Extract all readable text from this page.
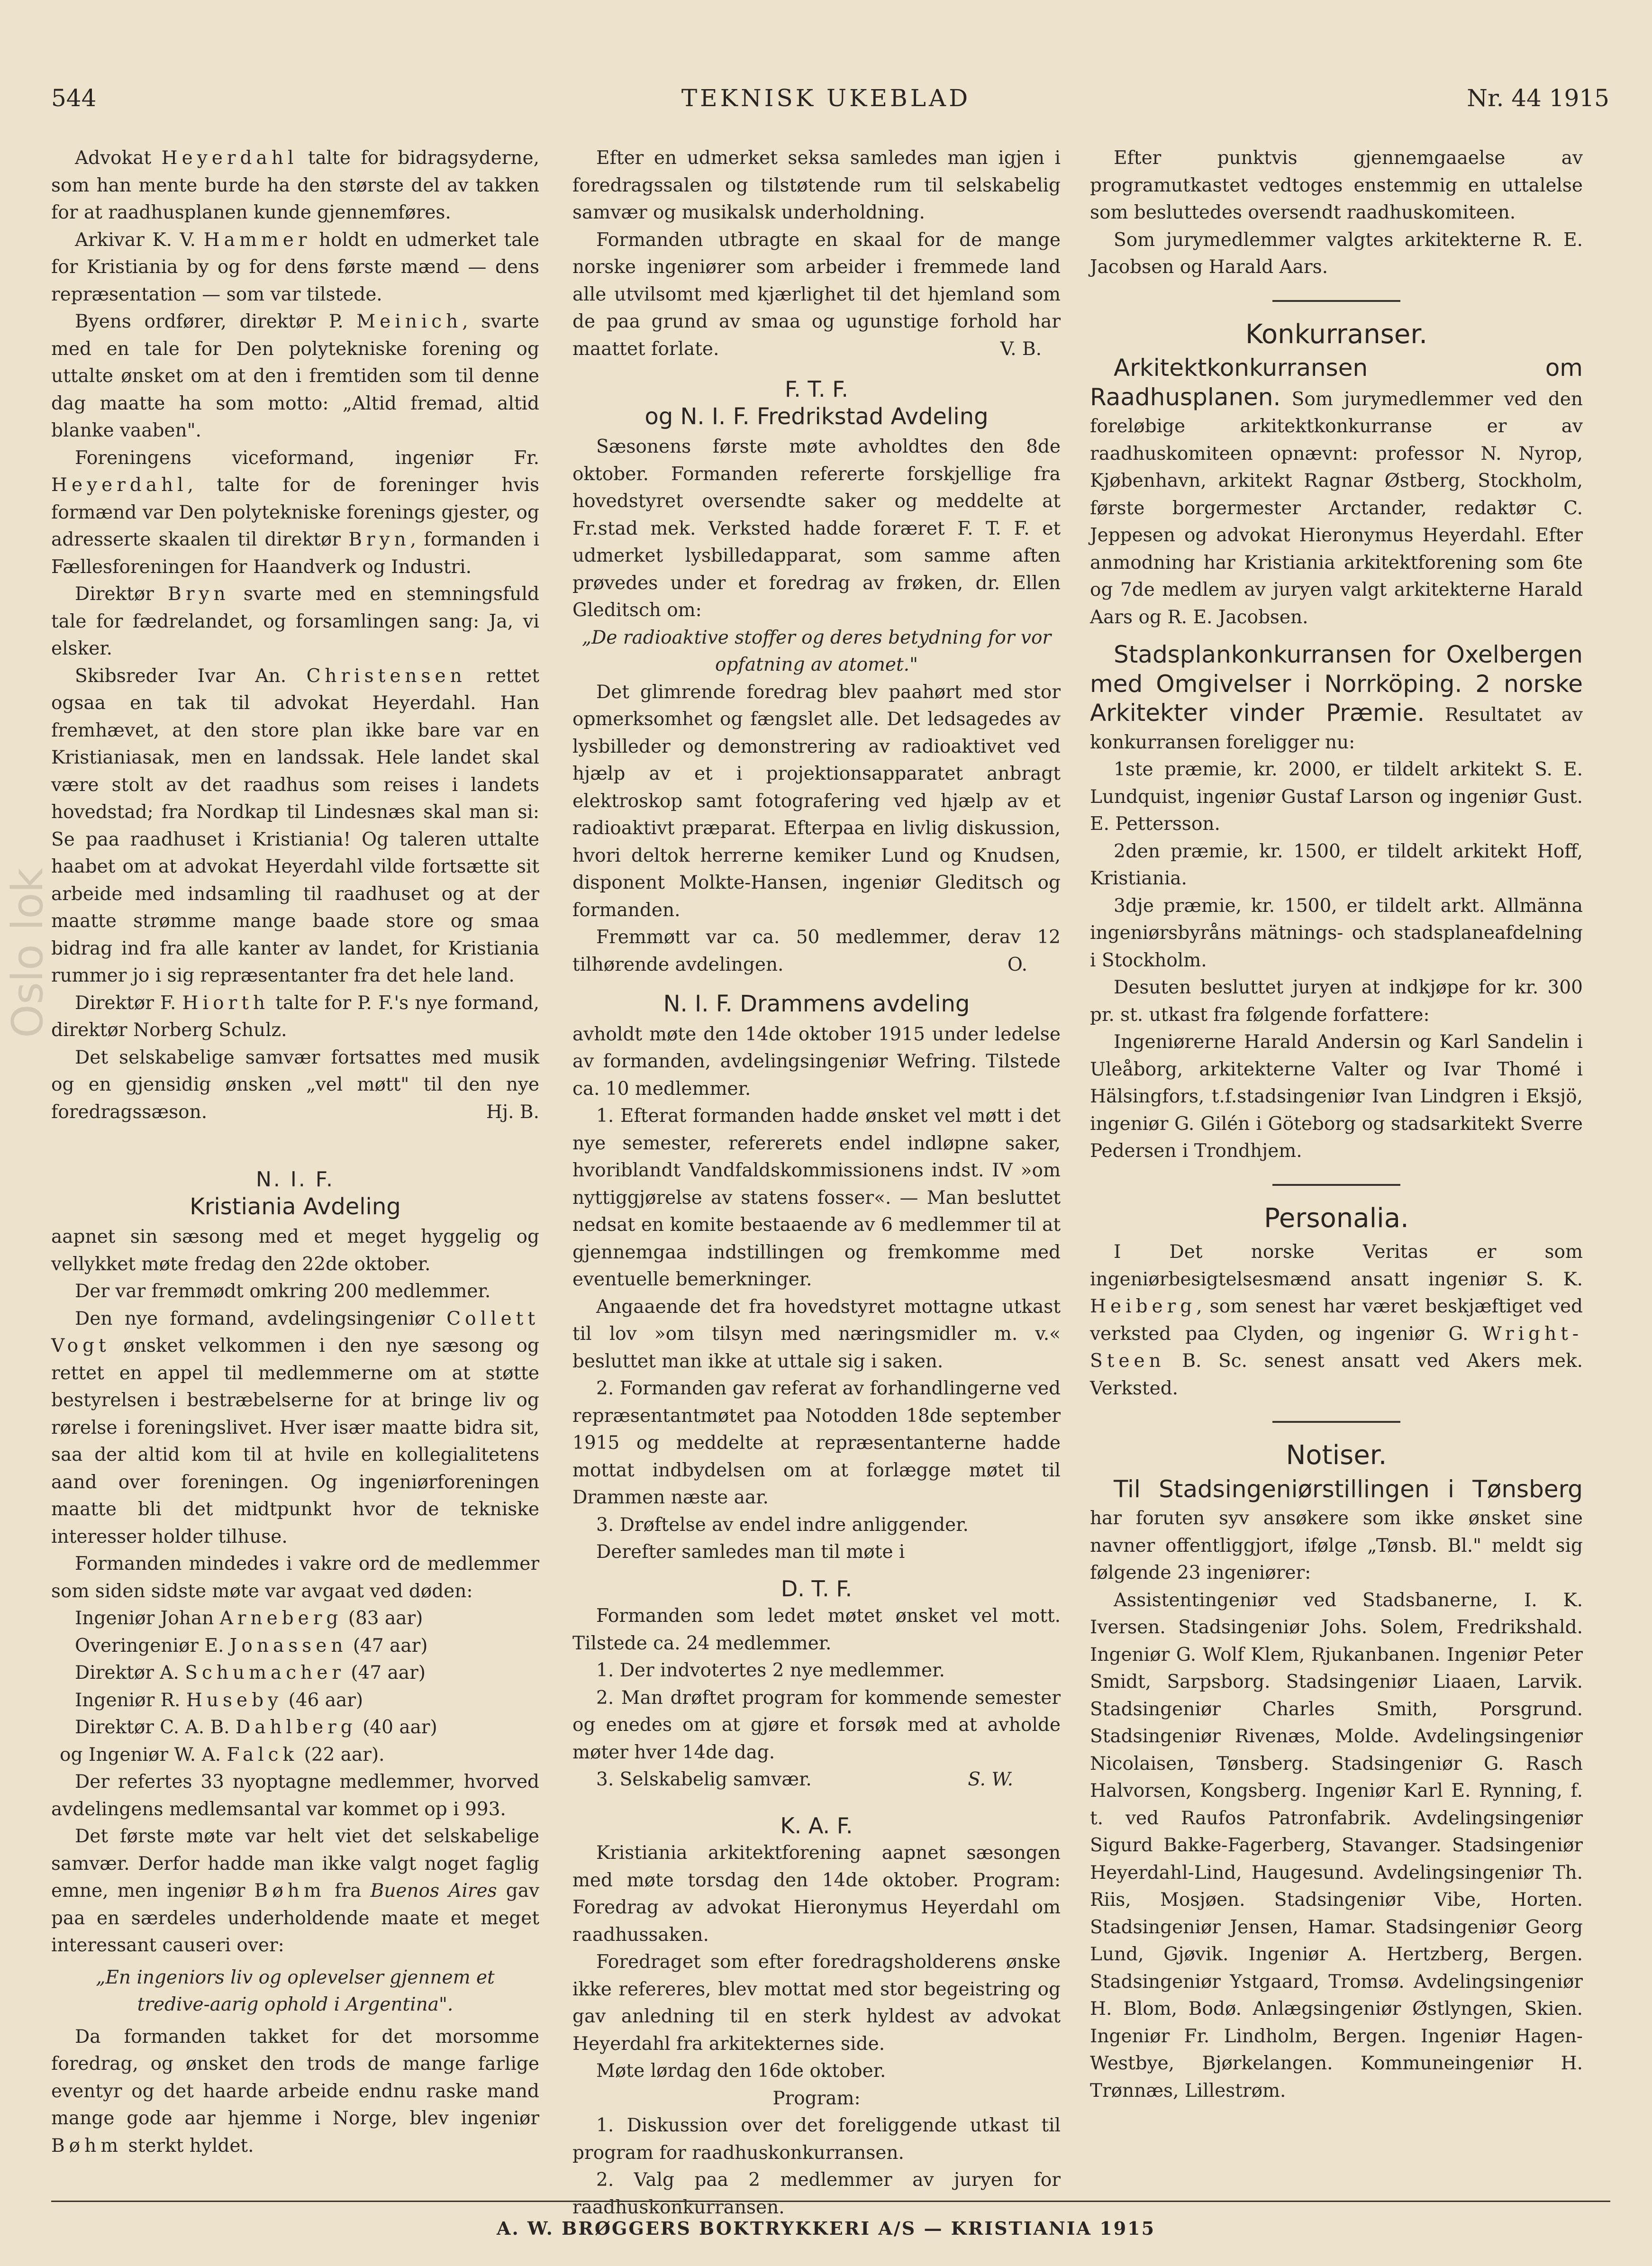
544	TEKNISK UKEBLAD	Nr. 44 1915
Oslo lok

Advokat Heyerdahl talte for bidragsyderne, som han mente burde ha den største del av takken for at raadhusplanen kunde gjennemføres.

Arkivar K. V. Hammer holdt en udmerket tale for Kristiania by og for dens første mænd — dens repræsentation — som var tilstede.

Byens ordfører, direktør P. Meinich, svarte med en tale for Den polytekniske forening og uttalte ønsket om at den i fremtiden som til denne dag maatte ha som motto: „Altid fremad, altid blanke vaaben".

Foreningens viceformand, ingeniør Fr. Heyerdahl, talte for de foreninger hvis formænd var Den polytekniske forenings gjester, og adresserte skaalen til direktør Bryn, formanden i Fællesforeningen for Haandverk og Industri.

Direktør Bryn svarte med en stemningsfuld tale for fædrelandet, og forsamlingen sang: Ja, vi elsker.

Skibsreder Ivar An. Christensen rettet ogsaa en tak til advokat Heyerdahl. Han fremhævet, at den store plan ikke bare var en Kristianiasak, men en landssak. Hele landet skal være stolt av det raadhus som reises i landets hovedstad; fra Nordkap til Lindesnæs skal man si: Se paa raadhuset i Kristiania! Og taleren uttalte haabet om at advokat Heyerdahl vilde fortsætte sit arbeide med indsamling til raadhuset og at der maatte strømme mange baade store og smaa bidrag ind fra alle kanter av landet, for Kristiania rummer jo i sig repræsentanter fra det hele land.

Direktør F. Hiorth talte for P. F.'s nye formand, direktør Norberg Schulz.

Det selskabelige samvær fortsattes med musik og en gjensidig ønsken „vel møtt" til den nye foredragssæson.	Hj. B.

N. I. F.
Kristiania Avdeling

aapnet sin sæsong med et meget hyggelig og vellykket møte fredag den 22de oktober.

Der var fremmødt omkring 200 medlemmer.

Den nye formand, avdelingsingeniør Collett Vogt ønsket velkommen i den nye sæsong og rettet en appel til medlemmerne om at støtte bestyrelsen i bestræbelserne for at bringe liv og rørelse i foreningslivet. Hver især maatte bidra sit, saa der altid kom til at hvile en kollegialitetens aand over foreningen. Og ingeniørforeningen maatte bli det midtpunkt hvor de tekniske interesser holder tilhuse.

Formanden mindedes i vakre ord de medlemmer som siden sidste møte var avgaat ved døden:

Ingeniør Johan Arneberg (83 aar)

Overingeniør E. Jonassen (47 aar)

Direktør A. Schumacher (47 aar)

Ingeniør R. Huseby (46 aar)

Direktør C. A. B. Dahlberg (40 aar)

og Ingeniør W. A. Falck (22 aar).

Der refertes 33 nyoptagne medlemmer, hvorved avdelingens medlemsantal var kommet op i 993.

Det første møte var helt viet det selskabelige samvær. Derfor hadde man ikke valgt noget faglig emne, men ingeniør Bøhm fra Buenos Aires gav paa en særdeles underholdende maate et meget interessant causeri over:

„En ingeniors liv og oplevelser gjennem et tredive-aarig ophold i Argentina".

Da formanden takket for det morsomme foredrag, og ønsket den trods de mange farlige eventyr og det haarde arbeide endnu raske mand mange gode aar hjemme i Norge, blev ingeniør Bøhm sterkt hyldet.

Efter en udmerket seksa samledes man igjen i foredragssalen og tilstøtende rum til selskabelig samvær og musikalsk underholdning.

Formanden utbragte en skaal for de mange norske ingeniører som arbeider i fremmede land alle utvilsomt med kjærlighet til det hjemland som de paa grund av smaa og ugunstige forhold har maattet forlate.	V. B.

F. T. F.
og N. I. F. Fredrikstad Avdeling

Sæsonens første møte avholdtes den 8de oktober. Formanden refererte forskjellige fra hovedstyret oversendte saker og meddelte at Fr.stad mek. Verksted hadde foræret F. T. F. et udmerket lysbilledapparat, som samme aften prøvedes under et foredrag av frøken, dr. Ellen Gleditsch om:

„De radioaktive stoffer og deres betydning for vor opfatning av atomet."

Det glimrende foredrag blev paahørt med stor opmerksomhet og fængslet alle. Det ledsagedes av lysbilleder og demonstrering av radioaktivet ved hjælp av et i projektionsapparatet anbragt elektroskop samt fotografering ved hjælp av et radioaktivt præparat. Efterpaa en livlig diskussion, hvori deltok herrerne kemiker Lund og Knudsen, disponent Molkte-Hansen, ingeniør Gleditsch og formanden.

Fremmøtt var ca. 50 medlemmer, derav 12 tilhørende avdelingen.	O.

N. I. F. Drammens avdeling

avholdt møte den 14de oktober 1915 under ledelse av formanden, avdelingsingeniør Wefring. Tilstede ca. 10 medlemmer.

1. Efterat formanden hadde ønsket vel møtt i det nye semester, refererets endel indløpne saker, hvoriblandt Vandfaldskommissionens indst. IV »om nyttiggjørelse av statens fosser«. — Man besluttet nedsat en komite bestaaende av 6 medlemmer til at gjennemgaa indstillingen og fremkomme med eventuelle bemerkninger.

Angaaende det fra hovedstyret mottagne utkast til lov »om tilsyn med næringsmidler m. v.« besluttet man ikke at uttale sig i saken.

2. Formanden gav referat av forhandlingerne ved repræsentantmøtet paa Notodden 18de september 1915 og meddelte at repræsentanterne hadde mottat indbydelsen om at forlægge møtet til Drammen næste aar.

3. Drøftelse av endel indre anliggender.

Derefter samledes man til møte i

D. T. F.

Formanden som ledet møtet ønsket vel mott. Tilstede ca. 24 medlemmer.

1. Der indvotertes 2 nye medlemmer.

2. Man drøftet program for kommende semester og enedes om at gjøre et forsøk med at avholde møter hver 14de dag.

3. Selskabelig samvær.	S. W.

K. A. F.

Kristiania arkitektforening aapnet sæsongen med møte torsdag den 14de oktober. Program: Foredrag av advokat Hieronymus Heyerdahl om raadhussaken.

Foredraget som efter foredragsholderens ønske ikke refereres, blev mottat med stor begeistring og gav anledning til en sterk hyldest av advokat Heyerdahl fra arkitekternes side.

Møte lørdag den 16de oktober.

Program:

1. Diskussion over det foreliggende utkast til program for raadhuskonkurransen.

2. Valg paa 2 medlemmer av juryen for raadhuskonkurransen.

Efter punktvis gjennemgaaelse av programutkastet vedtoges enstemmig en uttalelse som besluttedes oversendt raadhuskomiteen.

Som jurymedlemmer valgtes arkitekterne R. E. Jacobsen og Harald Aars.

Konkurranser.

Arkitektkonkurransen om Raadhusplanen. Som jurymedlemmer ved den foreløbige arkitektkonkurranse er av raadhuskomiteen opnævnt: professor N. Nyrop, Kjøbenhavn, arkitekt Ragnar Østberg, Stockholm, første borgermester Arctander, redaktør C. Jeppesen og advokat Hieronymus Heyerdahl. Efter anmodning har Kristiania arkitektforening som 6te og 7de medlem av juryen valgt arkitekterne Harald Aars og R. E. Jacobsen.

Stadsplankonkurransen for Oxelbergen med Omgivelser i Norrköping. 2 norske Arkitekter vinder Præmie. Resultatet av konkurransen foreligger nu:

1ste præmie, kr. 2000, er tildelt arkitekt S. E. Lundquist, ingeniør Gustaf Larson og ingeniør Gust. E. Pettersson.

2den præmie, kr. 1500, er tildelt arkitekt Hoff, Kristiania.

3dje præmie, kr. 1500, er tildelt arkt. Allmänna ingeniørsbyråns mätnings- och stadsplaneafdelning i Stockholm.

Desuten besluttet juryen at indkjøpe for kr. 300 pr. st. utkast fra følgende forfattere:

Ingeniørerne Harald Andersin og Karl Sandelin i Uleåborg, arkitekterne Valter og Ivar Thomé i Hälsingfors, t.f.stadsingeniør Ivan Lindgren i Eksjö, ingeniør G. Gilén i Göteborg og stadsarkitekt Sverre Pedersen i Trondhjem.

Personalia.

I Det norske Veritas er som ingeniørbesigtelsesmænd ansatt ingeniør S. K. Heiberg, som senest har været beskjæftiget ved verksted paa Clyden, og ingeniør G. Wright-Steen B. Sc. senest ansatt ved Akers mek. Verksted.

Notiser.

Til Stadsingeniørstillingen i Tønsberg har foruten syv ansøkere som ikke ønsket sine navner offentliggjort, ifølge „Tønsb. Bl." meldt sig følgende 23 ingeniører:

Assistentingeniør ved Stadsbanerne, I. K. Iversen. Stadsingeniør Johs. Solem, Fredrikshald. Ingeniør G. Wolf Klem, Rjukanbanen. Ingeniør Peter Smidt, Sarpsborg. Stadsingeniør Liaaen, Larvik. Stadsingeniør Charles Smith, Porsgrund. Stadsingeniør Rivenæs, Molde. Avdelingsingeniør Nicolaisen, Tønsberg. Stadsingeniør G. Rasch Halvorsen, Kongsberg. Ingeniør Karl E. Rynning, f. t. ved Raufos Patronfabrik. Avdelingsingeniør Sigurd Bakke-Fagerberg, Stavanger. Stadsingeniør Heyerdahl-Lind, Haugesund. Avdelingsingeniør Th. Riis, Mosjøen. Stadsingeniør Vibe, Horten. Stadsingeniør Jensen, Hamar. Stadsingeniør Georg Lund, Gjøvik. Ingeniør A. Hertzberg, Bergen. Stadsingeniør Ystgaard, Tromsø. Avdelingsingeniør H. Blom, Bodø. Anlægsingeniør Østlyngen, Skien. Ingeniør Fr. Lindholm, Bergen. Ingeniør Hagen-Westbye, Bjørkelangen. Kommuneingeniør H. Trønnæs, Lillestrøm.

A. W. BRØGGERS BOKTRYKKERI A/S — KRISTIANIA 1915
